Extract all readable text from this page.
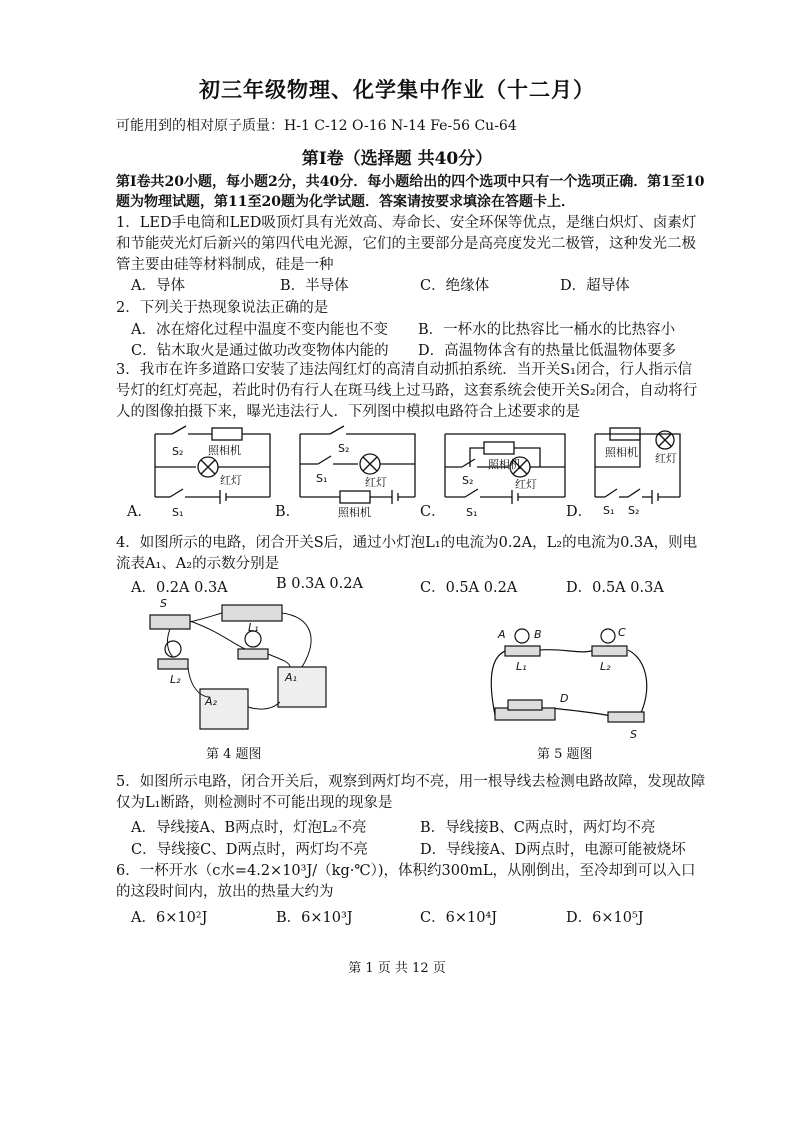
初三年级物理、化学集中作业（十二月）
可能用到的相对原子质量：H-1 C-12 O-16 N-14 Fe-56 Cu-64
第Ⅰ卷（选择题 共40分）
第Ⅰ卷共20小题，每小题2分，共40分．每小题给出的四个选项中只有一个选项正确．第1至10题为物理试题，第11至20题为化学试题．答案请按要求填涂在答题卡上．
1．LED手电筒和LED吸顶灯具有光效高、寿命长、安全环保等优点，是继白炽灯、卤素灯和节能荧光灯后新兴的第四代电光源，它们的主要部分是高亮度发光二极管，这种发光二极管主要由硅等材料制成，硅是一种
A．导体	B．半导体	C．绝缘体	D．超导体
2．下列关于热现象说法正确的是
A．冰在熔化过程中温度不变内能也不变 B．一杯水的比热容比一桶水的比热容小
C．钻木取火是通过做功改变物体内能的 D．高温物体含有的热量比低温物体要多
3．我市在许多道路口安装了违法闯红灯的高清自动抓拍系统．当开关S₁闭合，行人指示信号灯的红灯亮起，若此时仍有行人在斑马线上过马路，这套系统会使开关S₂闭合，自动将行人的图像拍摄下来，曝光违法行人．下列图中模拟电路符合上述要求的是
S₂ 照相机
红灯
S₁
S₂
S₁	红灯
照相机
照相机
S₂	红灯
S₁
照相机 红灯
S₁ S₂
A．	B．	C．	D．
4．如图所示的电路，闭合开关S后，通过小灯泡L₁的电流为0.2A，L₂的电流为0.3A，则电流表A₁、A₂的示数分别是
A．0.2A 0.3A	B 0.3A 0.2A	C．0.5A 0.2A	D．0.5A 0.3A
S
L₁
L₂	A₁
A₂
第 4 题图
A	B	C
D
L₁	L₂
S
第 5 题图
5．如图所示电路，闭合开关后，观察到两灯均不亮，用一根导线去检测电路故障，发现故障仅为L₁断路，则检测时不可能出现的现象是
A．导线接A、B两点时，灯泡L₂不亮	B．导线接B、C两点时，两灯均不亮
C．导线接C、D两点时，两灯均不亮	D．导线接A、D两点时，电源可能被烧坏
6．一杯开水（c水=4.2×10³J/（kg·℃）)，体积约300mL，从刚倒出，至冷却到可以入口的这段时间内，放出的热量大约为
A．6×10²J	B．6×10³J	C．6×10⁴J	D．6×10⁵J
第 1 页 共 12 页
